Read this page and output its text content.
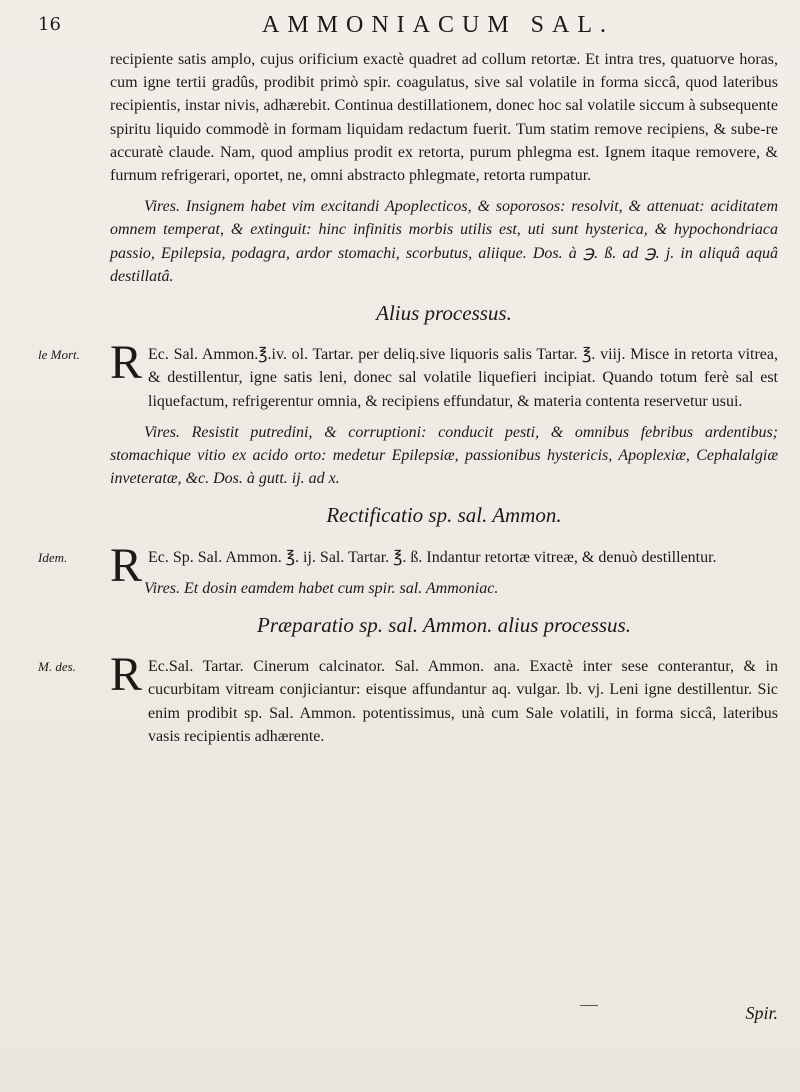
16	AMMONIACUM SAL.

recipiente satis amplo, cujus orificium exactè quadret ad collum retortæ. Et intra tres, quatuorve horas, cum igne tertii gradûs, prodibit primò spir. coagulatus, sive sal volatile in forma siccâ, quod lateribus recipientis, instar nivis, adhærebit. Continua destillationem, donec hoc sal volatile siccum à subsequente spiritu liquido commodè in formam liquidam redactum fuerit. Tum statim remove recipiens, & sube-re accuratè claude. Nam, quod amplius prodit ex retorta, purum phlegma est. Ignem itaque removere, & furnum refrigerari, oportet, ne, omni abstracto phlegmate, retorta rumpatur.

Vires. Insignem habet vim excitandi Apoplecticos, & soporosos: resolvit, & attenuat: aciditatem omnem temperat, & extinguit: hinc infinitis morbis utilis est, uti sunt hysterica, & hypochondriaca passio, Epilepsia, podagra, ardor stomachi, scorbutus, aliique. Dos. à ℈. ß. ad ℈. j. in aliquâ aquâ destillatâ.

Alius processus.
le Mort. R Ec. Sal. Ammon.℥.iv. ol. Tartar. per deliq.sive liquoris salis Tartar. ℥. viij. Misce in retorta vitrea, & destillentur, igne satis leni, donec sal volatile liquefieri incipiat. Quando totum ferè sal est liquefactum, refrigerentur omnia, & recipiens effundatur, & materia contenta reservetur usui.

Vires. Resistit putredini, & corruptioni: conducit pesti, & omnibus febribus ardentibus; stomachique vitio ex acido orto: medetur Epilepsiæ, passionibus hystericis, Apoplexiæ, Cephalalgiæ inveteratæ, &c. Dos. à gutt. ij. ad x.

Rectificatio sp. sal. Ammon.
Idem. R Ec. Sp. Sal. Ammon. ℥. ij. Sal. Tartar. ℥. ß. Indantur retortæ vitreæ, & denuò destillentur.

Vires. Et dosin eamdem habet cum spir. sal. Ammoniac.

Præparatio sp. sal. Ammon. alius processus.
M. des. R Ec.Sal. Tartar. Cinerum calcinator. Sal. Ammon. ana. Exactè inter sese conterantur, & in cucurbitam vitream conjiciantur: eisque affundantur aq. vulgar. lb. vj. Leni igne destillentur. Sic enim prodibit sp. Sal. Ammon. potentissimus, unà cum Sale volatili, in forma siccâ, lateribus vasis recipientis adhærente.
Spir.
